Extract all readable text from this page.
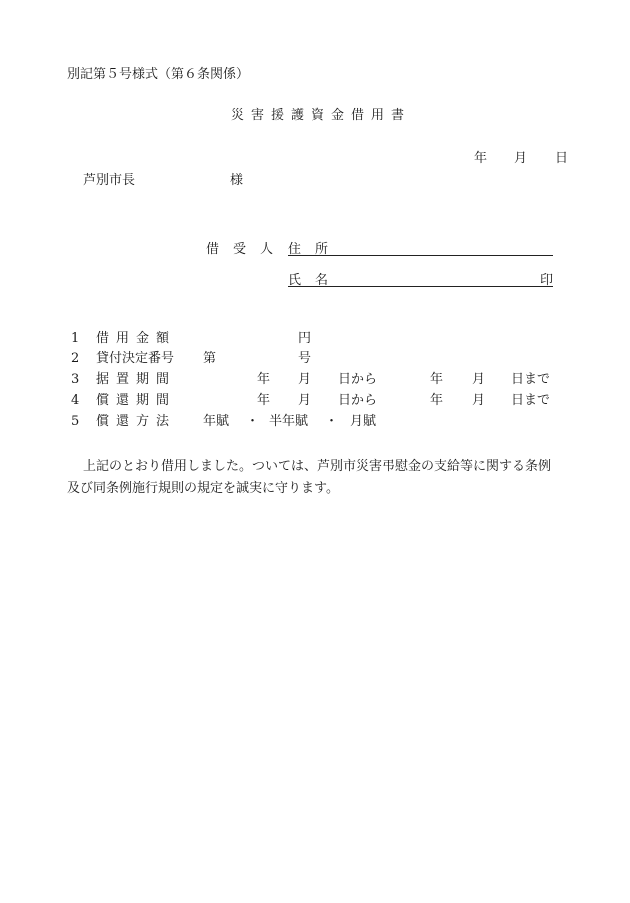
別記第５号様式（第６条関係）
災害援護資金借用書
年 月 日
芦別市長	様
借受人 住所
氏名	印
1 借用金額	円
2 貸付決定番号 第	号
3 据置期間	年 月 日から	年 月 日まで
4 償還期間	年 月 日から	年 月 日まで
5 償還方法 年賦 ・ 半年賦 ・ 月賦
上記のとおり借用しました。ついては、芦別市災害弔慰金の支給等に関する条例
及び同条例施行規則の規定を誠実に守ります。
